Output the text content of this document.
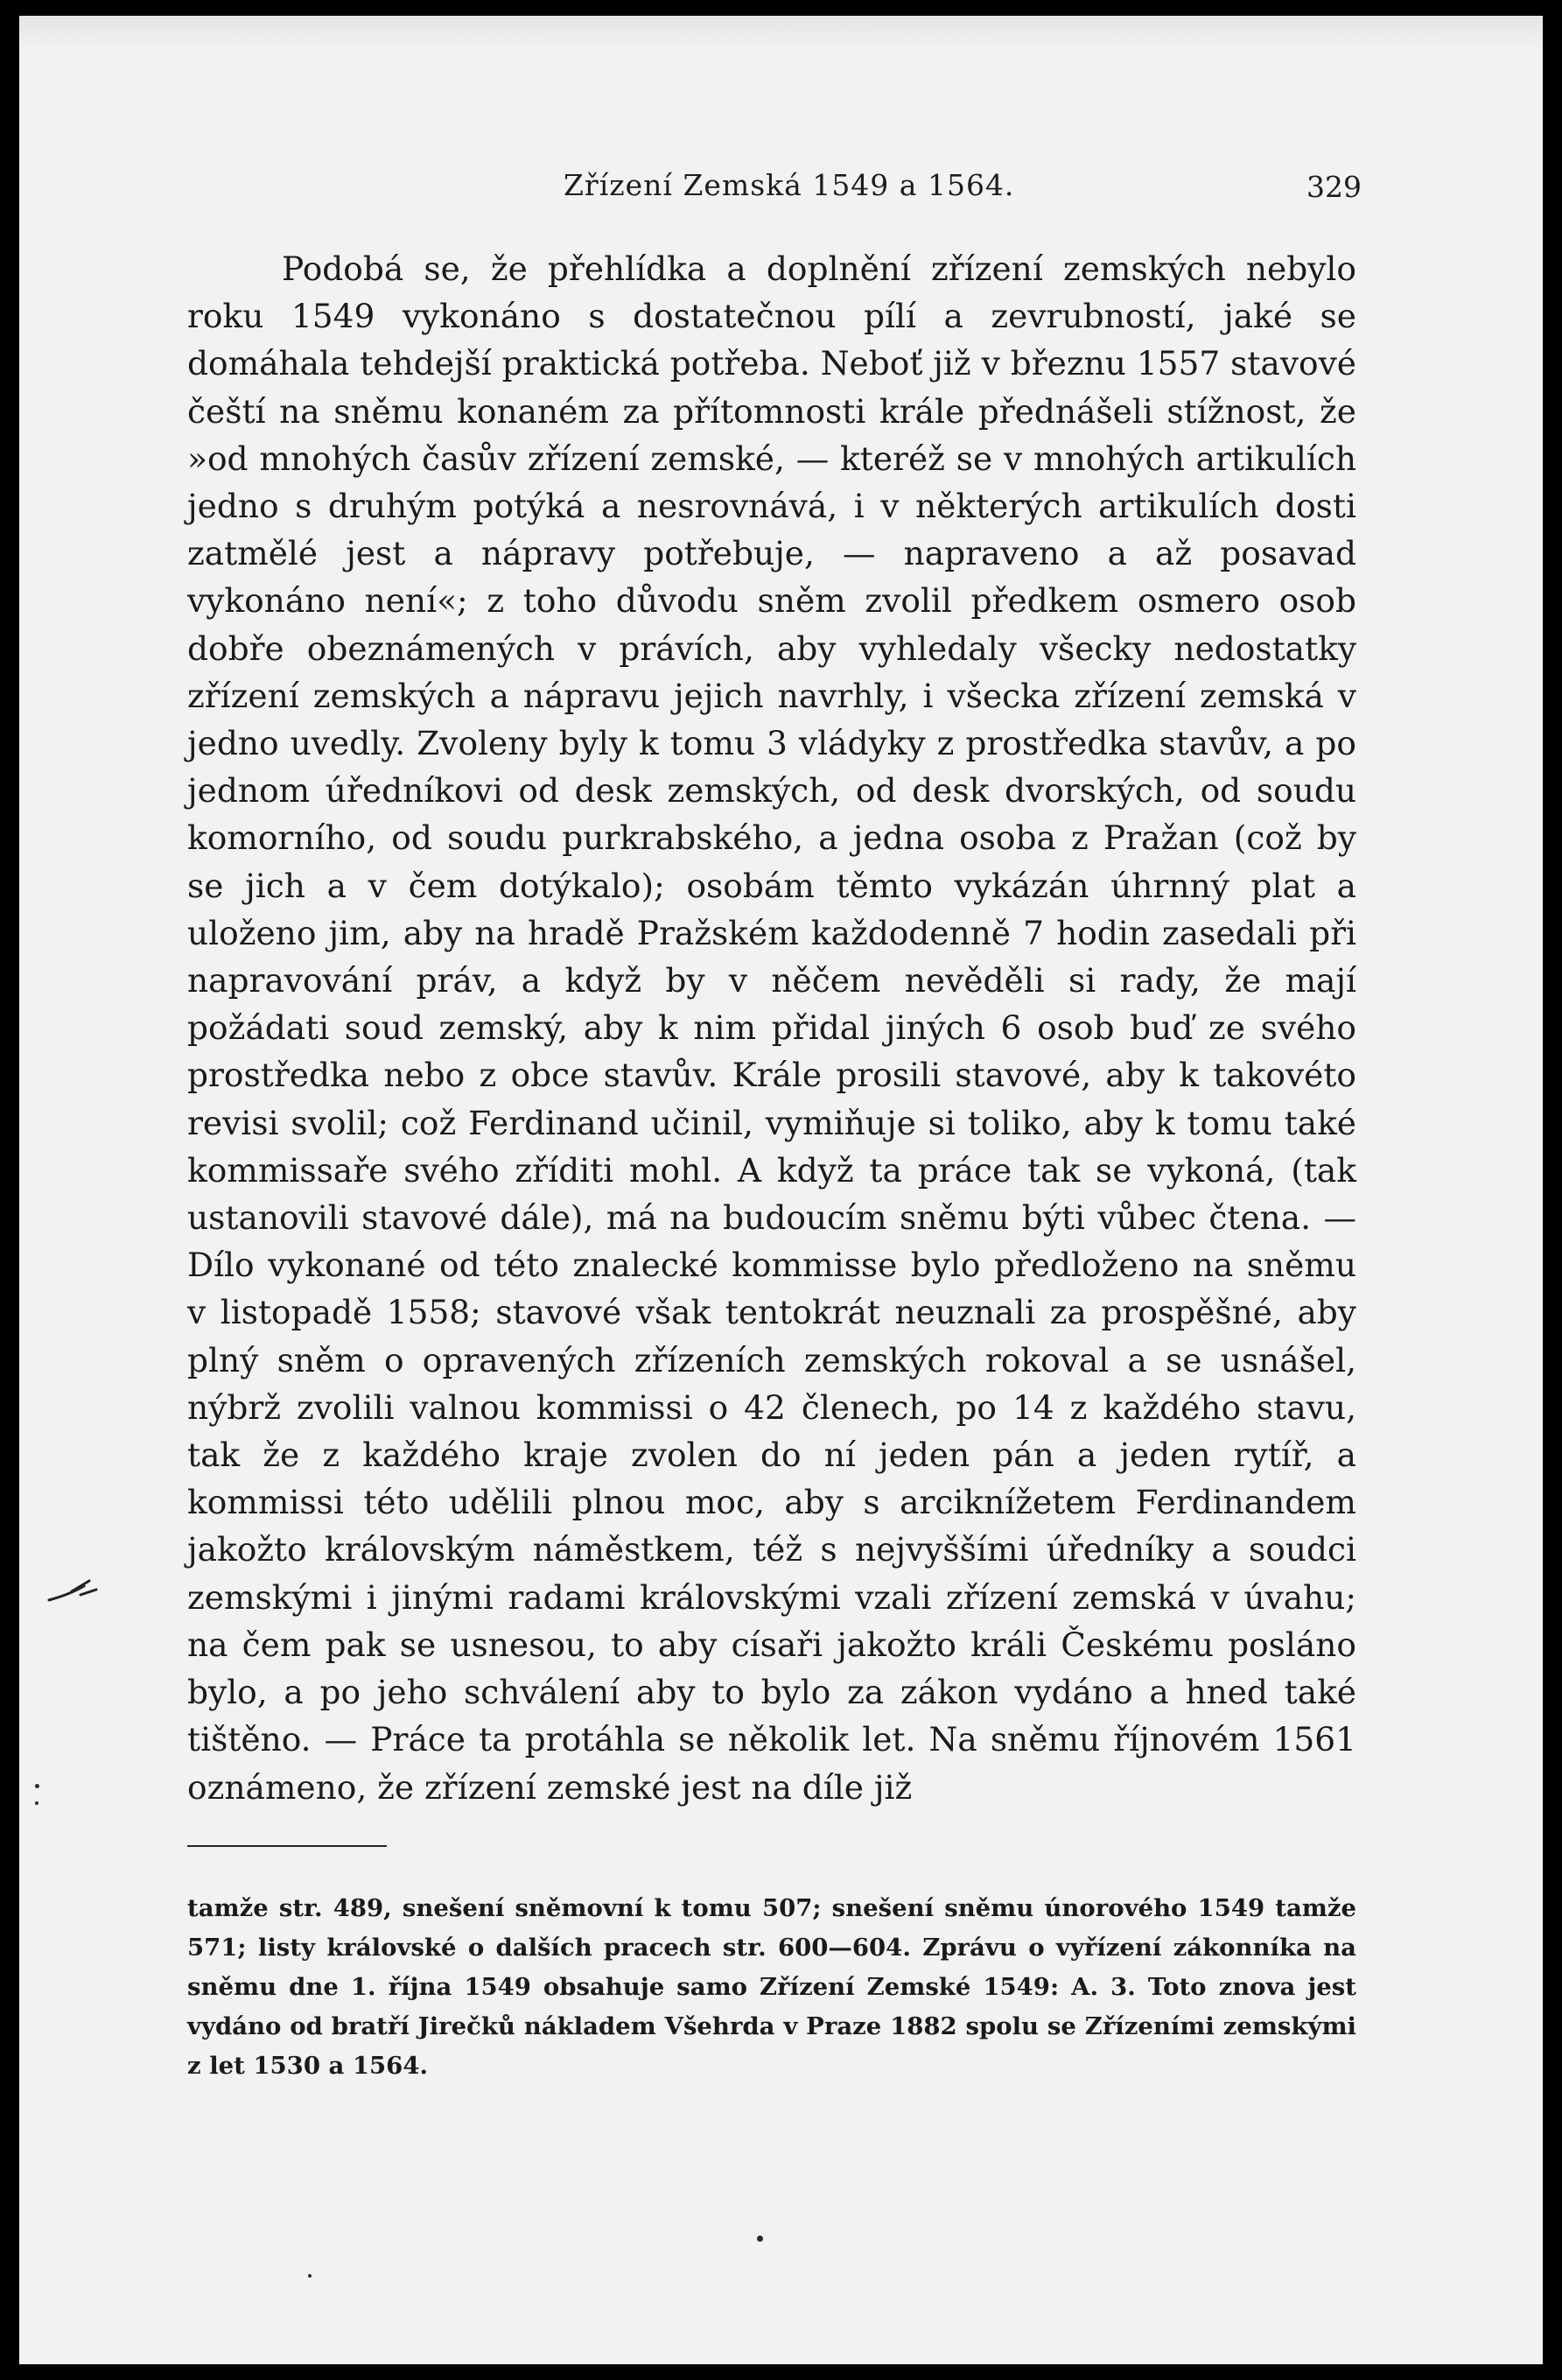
Zřízení Zemská 1549 a 1564.	329

Podobá se, že přehlídka a doplnění zřízení zemských nebylo roku 1549 vykonáno s dostatečnou pílí a zevrubností, jaké se domáhala tehdejší praktická potřeba. Neboť již v březnu 1557 stavové čeští na sněmu konaném za přítomnosti krále přednášeli stížnost, že »od mnohých časův zřízení zemské, — kteréž se v mnohých artikulích jedno s druhým potýká a nesrovnává, i v některých artikulích dosti zatmělé jest a nápravy potřebuje, — napraveno a až posavad vykonáno není«; z toho důvodu sněm zvolil předkem osmero osob dobře obeznámených v právích, aby vyhledaly všecky nedostatky zřízení zemských a nápravu jejich navrhly, i všecka zřízení zemská v jedno uvedly. Zvoleny byly k tomu 3 vládyky z prostředka stavův, a po jednom úředníkovi od desk zemských, od desk dvorských, od soudu komorního, od soudu purkrabského, a jedna osoba z Pražan (což by se jich a v čem dotýkalo); osobám těmto vykázán úhrnný plat a uloženo jim, aby na hradě Pražském každodenně 7 hodin zasedali při napravování práv, a když by v něčem nevěděli si rady, že mají požádati soud zemský, aby k nim přidal jiných 6 osob buď ze svého prostředka nebo z obce stavův. Krále prosili stavové, aby k takovéto revisi svolil; což Ferdinand učinil, vymiňuje si toliko, aby k tomu také kommissaře svého zříditi mohl. A když ta práce tak se vykoná, (tak ustanovili stavové dále), má na budoucím sněmu býti vůbec čtena. — Dílo vykonané od této znalecké kommisse bylo předloženo na sněmu v listopadě 1558; stavové však tentokrát neuznali za prospěšné, aby plný sněm o opravených zřízeních zemských rokoval a se usnášel, nýbrž zvolili valnou kommissi o 42 členech, po 14 z každého stavu, tak že z každého kraje zvolen do ní jeden pán a jeden rytíř, a kommissi této udělili plnou moc, aby s arciknížetem Ferdinandem jakožto královským náměstkem, též s nejvyššími úředníky a soudci zemskými i jinými radami královskými vzali zřízení zemská v úvahu; na čem pak se usnesou, to aby císaři jakožto králi Českému posláno bylo, a po jeho schválení aby to bylo za zákon vydáno a hned také tištěno. — Práce ta protáhla se několik let. Na sněmu říjnovém 1561 oznámeno, že zřízení zemské jest na díle již

tamže str. 489, snešení sněmovní k tomu 507; snešení sněmu únorového 1549 tamže 571; listy královské o dalších pracech str. 600—604. Zprávu o vyřízení zákonníka na sněmu dne 1. října 1549 obsahuje samo Zřízení Zemské 1549: A. 3. Toto znova jest vydáno od bratří Jirečků nákladem Všehrda v Praze 1882 spolu se Zřízeními zemskými z let 1530 a 1564.
